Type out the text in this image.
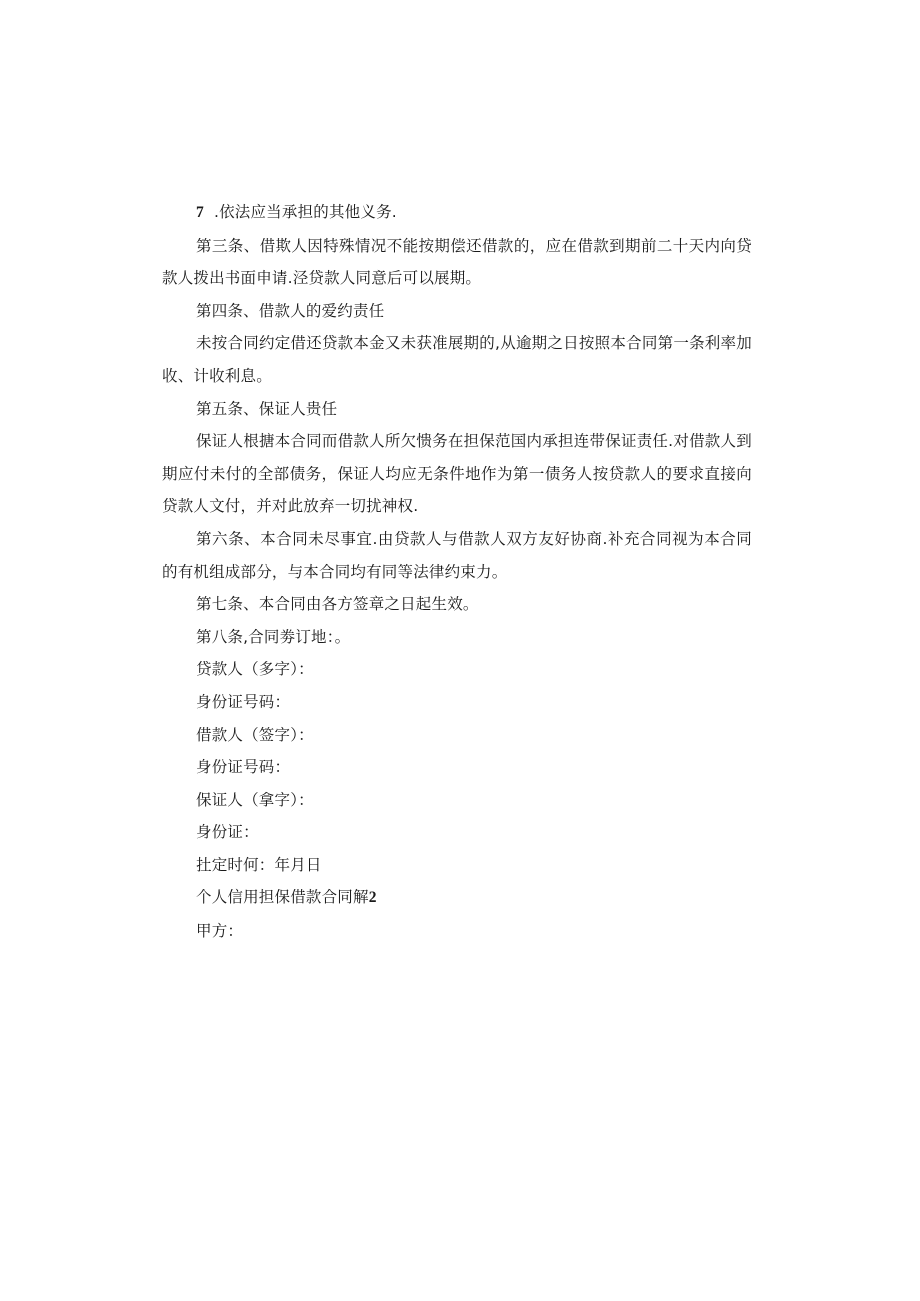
7 .依法应当承担的其他义务.

第三条、借欺人因特殊情况不能按期偿还借款的，应在借款到期前二十天内向贷款人拨出书面申请.泾贷款人同意后可以展期。

第四条、借款人的爱约责任

未按合同约定借还贷款本金又未获准展期的,从逾期之日按照本合同第一条利率加收、计收利息。

第五条、保证人贵任

保证人根搪本合同而借款人所欠愦务在担保范国内承担连带保证责任.对借款人到期应付未付的全部债务，保证人均应无条件地作为第一债务人按贷款人的要求直接向贷款人文付，并对此放弃一切扰神权.

第六条、本合同未尽事宜.由贷款人与借款人双方友好协商.补充合同视为本合同的有机组成部分，与本合同均有同等法律约束力。

第七条、本合同由各方签章之日起生效。

第八条,合同劵订地：。

贷款人（多字）：

身份证号码：

借款人（签字）：

身份证号码：

保证人（拿字）：

身份证：

扗定时何：年月日

个人信用担保借款合同解2

甲方：
